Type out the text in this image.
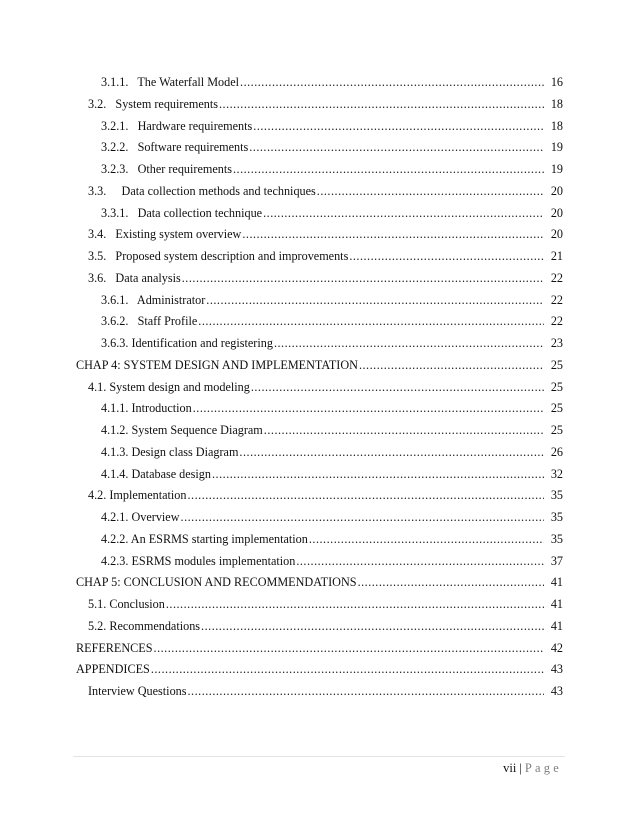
3.1.1.   The Waterfall Model .....	16
3.2.   System requirements .....	18
3.2.1.   Hardware requirements .....	18
3.2.2.   Software requirements .....	19
3.2.3.   Other requirements .....	19
3.3.     Data collection methods and techniques .....	20
3.3.1.   Data collection technique .....	20
3.4.   Existing system overview .....	20
3.5.   Proposed system description and improvements .....	21
3.6.   Data analysis .....	22
3.6.1.   Administrator .....	22
3.6.2.   Staff Profile .....	22
3.6.3. Identification and registering .....	23
CHAP 4: SYSTEM DESIGN AND IMPLEMENTATION .....	25
4.1. System design and modeling .....	25
4.1.1. Introduction .....	25
4.1.2. System Sequence Diagram .....	25
4.1.3. Design class Diagram .....	26
4.1.4. Database design .....	32
4.2. Implementation .....	35
4.2.1. Overview .....	35
4.2.2. An ESRMS starting implementation .....	35
4.2.3. ESRMS modules implementation .....	37
CHAP 5: CONCLUSION AND RECOMMENDATIONS .....	41
5.1. Conclusion .....	41
5.2. Recommendations .....	41
REFERENCES .....	42
APPENDICES .....	43
Interview Questions .....	43
vii | Page
